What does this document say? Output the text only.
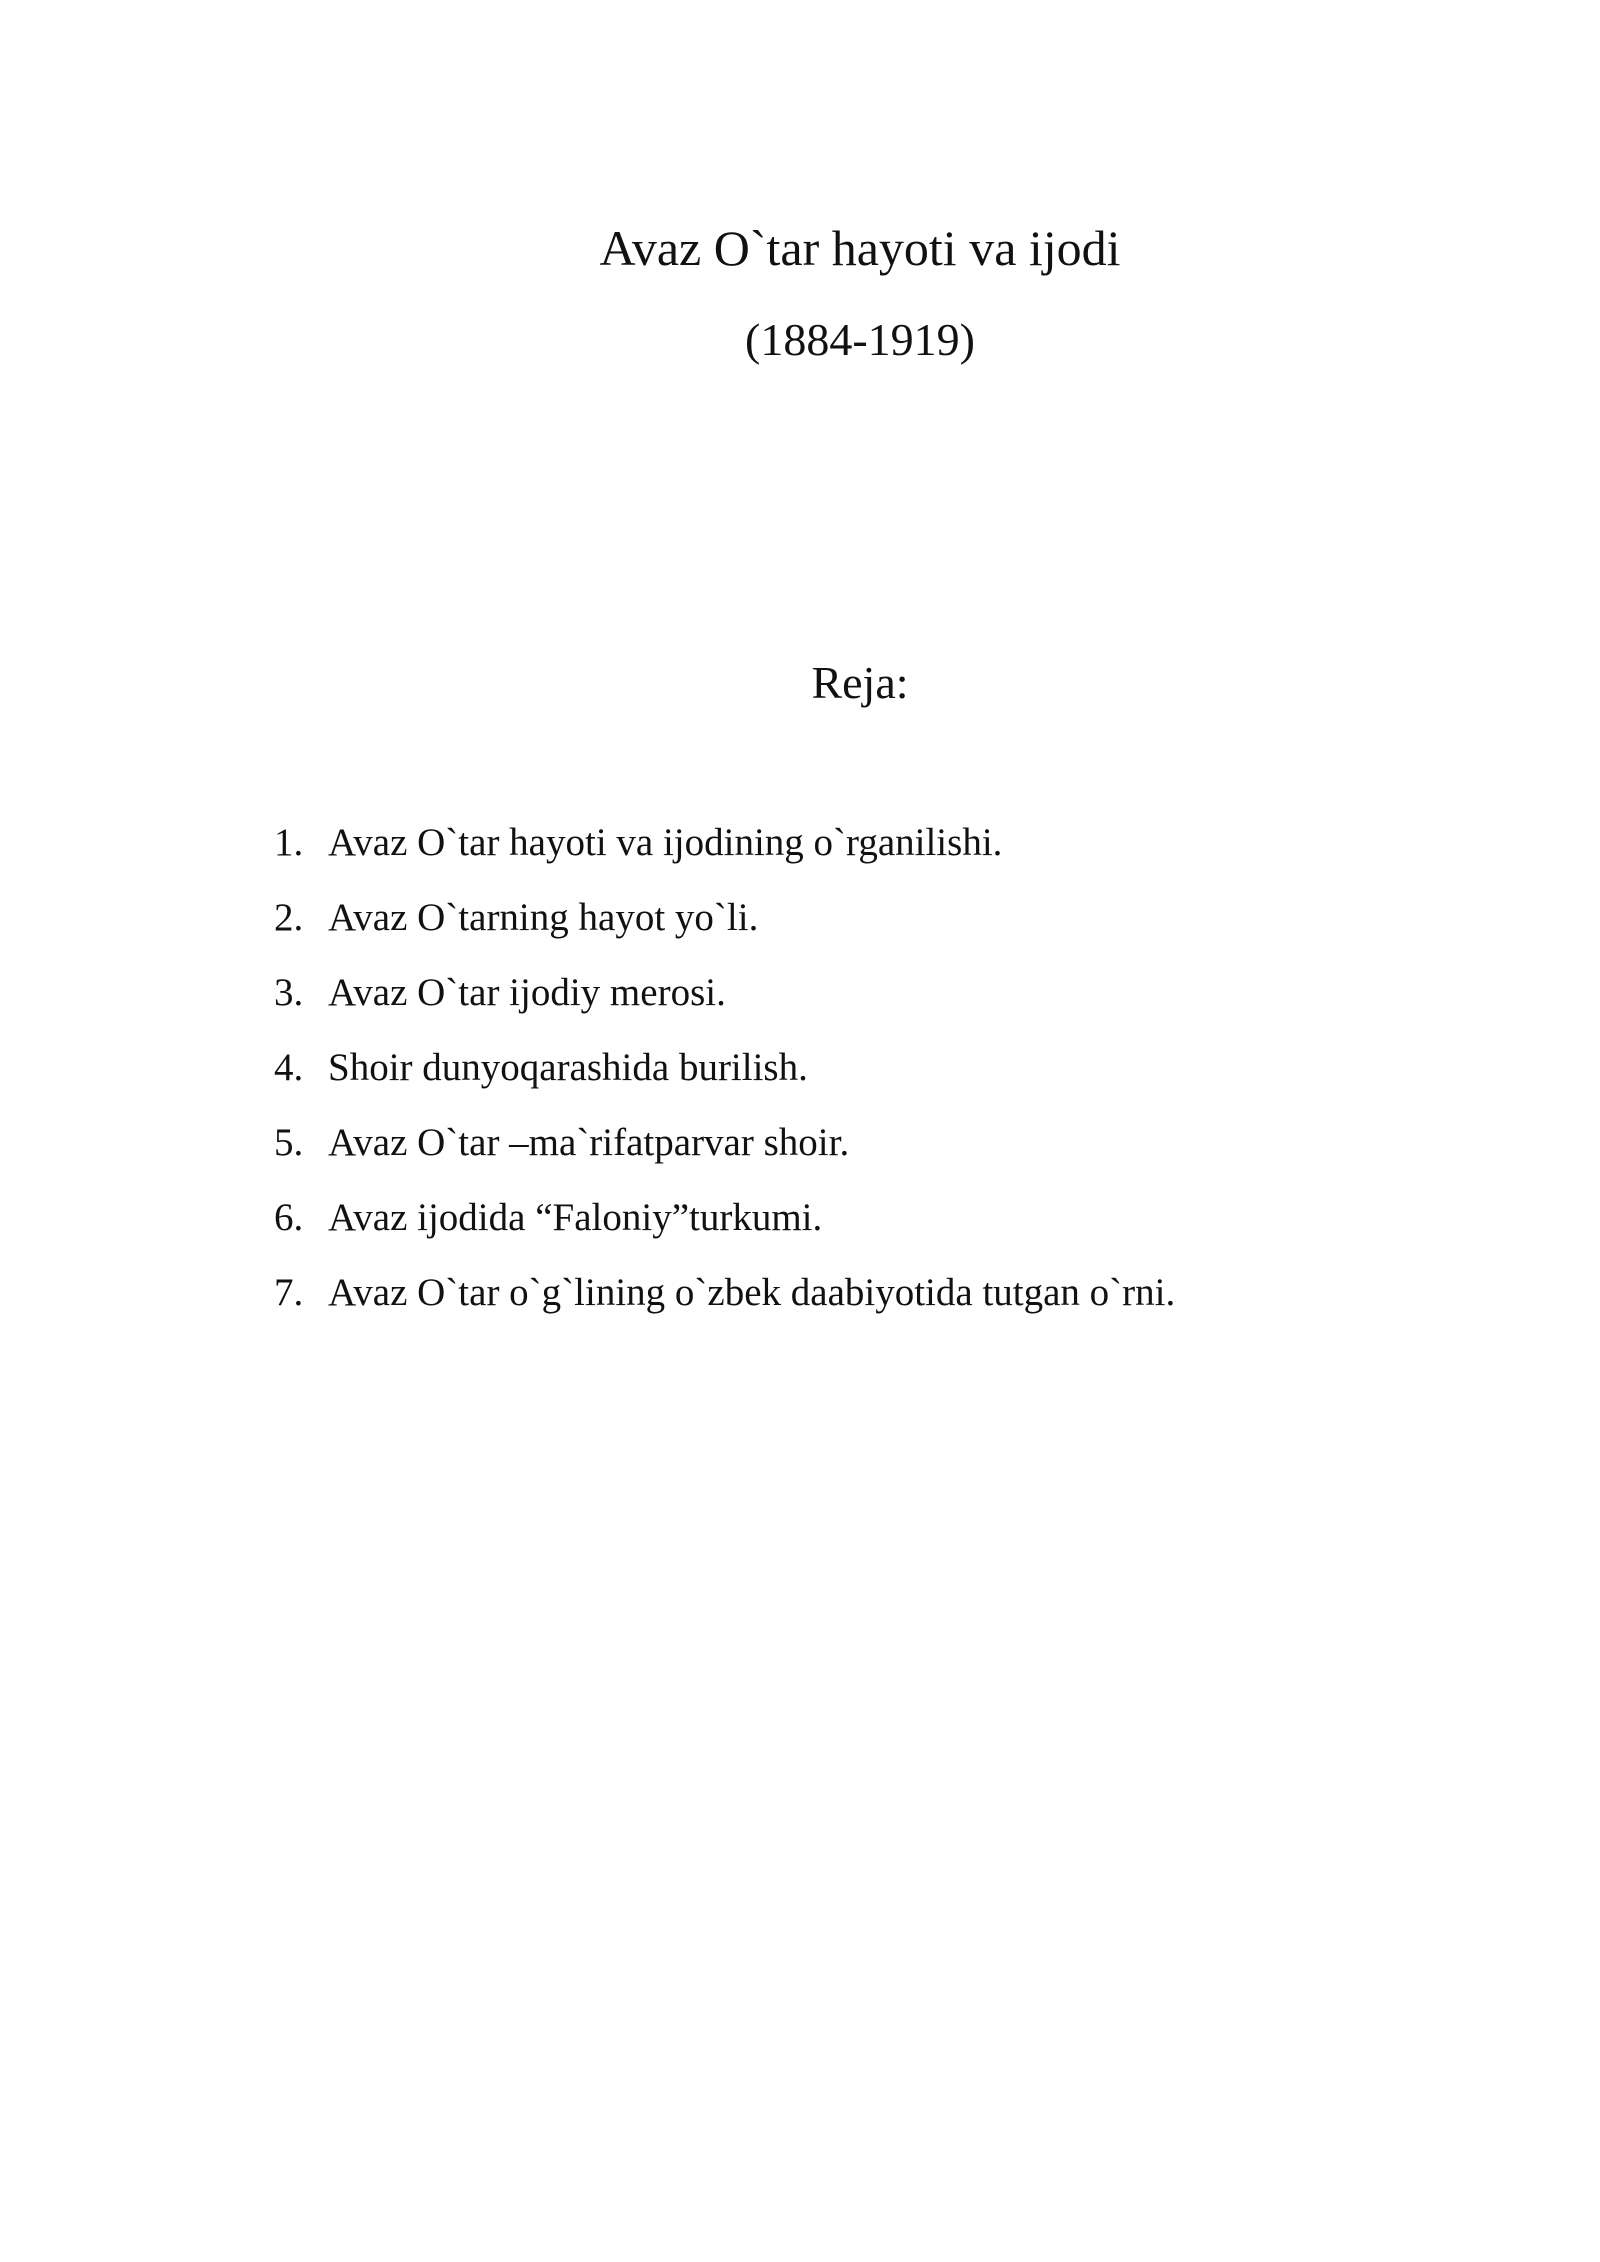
Avaz O`tar hayoti va ijodi
(1884-1919)
Reja:
1. Avaz O`tar hayoti va ijodining o`rganilishi.
2. Avaz O`tarning hayot yo`li.
3. Avaz O`tar ijodiy merosi.
4. Shoir dunyoqarashida burilish.
5. Avaz O`tar –ma`rifatparvar shoir.
6. Avaz ijodida “Faloniy”turkumi.
7. Avaz O`tar o`g`lining o`zbek daabiyotida tutgan o`rni.
